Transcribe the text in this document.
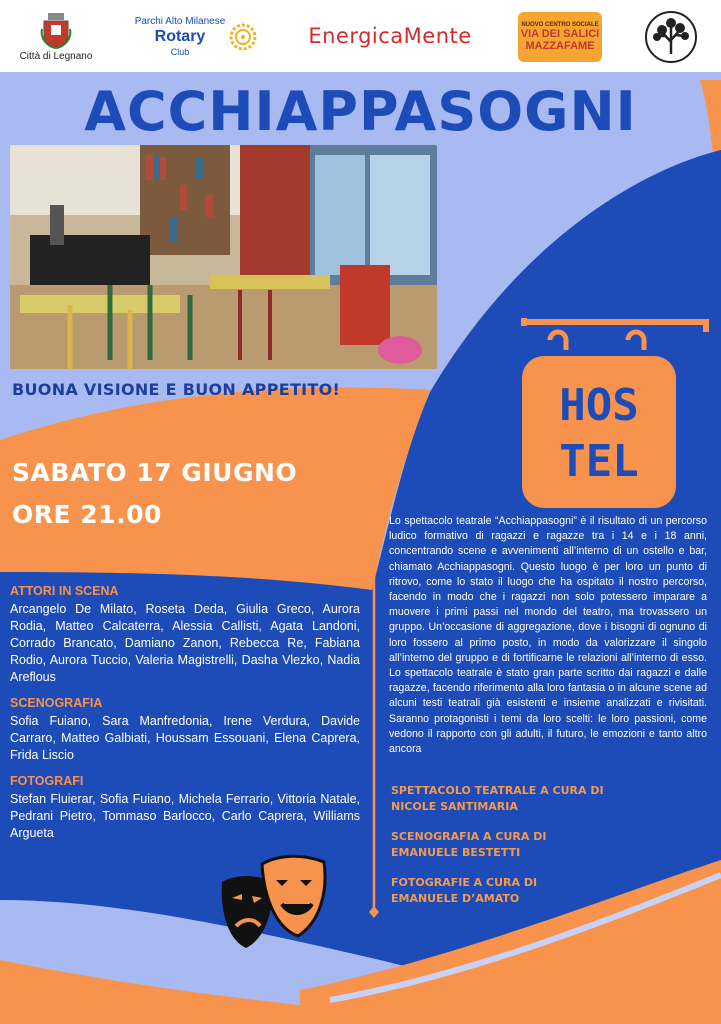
Città di Legnano
Parchi Alto Milanese
Rotary
Club
EnergicaMente	NUOVO CENTRO SOCIALE
VIA DEI SALICI
MAZZAFAME
ACCHIAPPASOGNI
BUONA VISIONE E BUON APPETITO!
SABATO 17 GIUGNO
ORE 21.00
HOS
TEL
ATTORI IN SCENA
Arcangelo De Milato, Roseta Deda, Giulia Greco, Aurora Rodia, Matteo Calcaterra, Alessia Callisti, Agata Landoni, Corrado Brancato, Damiano Zanon, Rebecca Re, Fabiana Rodio, Aurora Tuccio, Valeria Magistrelli, Dasha Vlezko, Nadia Areflous
SCENOGRAFIA
Sofia Fuiano, Sara Manfredonia, Irene Verdura, Davide Carraro, Matteo Galbiati, Houssam Essouani, Elena Caprera, Frida Liscio
FOTOGRAFI
Stefan Fluierar, Sofia Fuiano, Michela Ferrario, Vittoria Natale, Pedrani Pietro, Tommaso Barlocco, Carlo Caprera, Williams Argueta
Lo spettacolo teatrale “Acchiappasogni” è il risultato di un percorso ludico formativo di ragazzi e ragazze tra i 14 e i 18 anni, concentrando scene e avvenimenti all’interno di un ostello e bar, chiamato Acchiappasogni. Questo luogo è per loro un punto di ritrovo, come lo stato il luogo che ha ospitato il nostro percorso, facendo in modo che i ragazzi non solo potessero imparare a muovere i primi passi nel mondo del teatro, ma trovassero un gruppo. Un’occasione di aggregazione, dove i bisogni di ognuno di loro fossero al primo posto, in modo da valorizzare il singolo all’interno del gruppo e di fortificarne le relazioni all’interno di esso. Lo spettacolo teatrale è stato gran parte scritto dai ragazzi e dalle ragazze, facendo riferimento alla loro fantasia o in alcune scene ad alcuni testi teatrali già esistenti e insieme analizzati e rivisitati. Saranno protagonisti i temi da loro scelti: le loro passioni, come vedono il rapporto con gli adulti, il futuro, le emozioni e tanto altro ancora
SPETTACOLO TEATRALE A CURA DI
NICOLE SANTIMARIA
SCENOGRAFIA A CURA DI
EMANUELE BESTETTI
FOTOGRAFIE A CURA DI
EMANUELE D’AMATO
